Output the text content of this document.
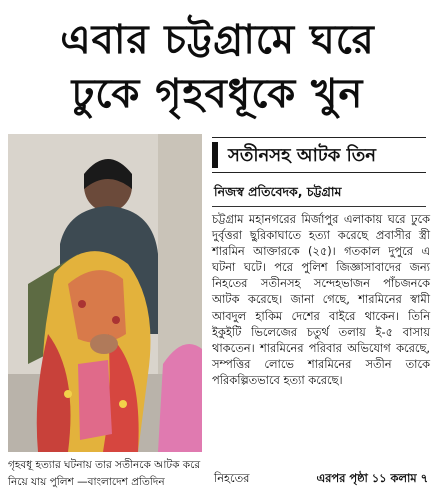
এবার চট্টগ্রামে ঘরে
ঢুকে গৃহবধূকে খুন
গৃহবধূ হত্যার ঘটনায় তার সতীনকে আটক করে নিয়ে যায় পুলিশ —বাংলাদেশ প্রতিদিন
সতীনসহ আটক তিন
নিজস্ব প্রতিবেদক, চট্টগ্রাম

চট্টগ্রাম মহানগরের মির্জাপুর এলাকায় ঘরে ঢুকে দুর্বৃত্তরা ছুরিকাঘাতে হত্যা করেছে প্রবাসীর স্ত্রী শারমিন আক্তারকে (২৫)। গতকাল দুপুরে এ ঘটনা ঘটে। পরে পুলিশ জিজ্ঞাসাবাদের জন্য নিহতের সতীনসহ সন্দেহভাজন পাঁচজনকে আটক করেছে। জানা গেছে, শারমিনের স্বামী আবদুল হাকিম দেশের বাইরে থাকেন। তিনি ইকুইটি ভিলেজের চতুর্থ তলায় ই-৫ বাসায় থাকতেন। শারমিনের পরিবার অভিযোগ করেছে, সম্পত্তির লোভে শারমিনের সতীন তাকে পরিকল্পিতভাবে হত্যা করেছে।

নিহতের	এরপর পৃষ্ঠা ১১ কলাম ৭
